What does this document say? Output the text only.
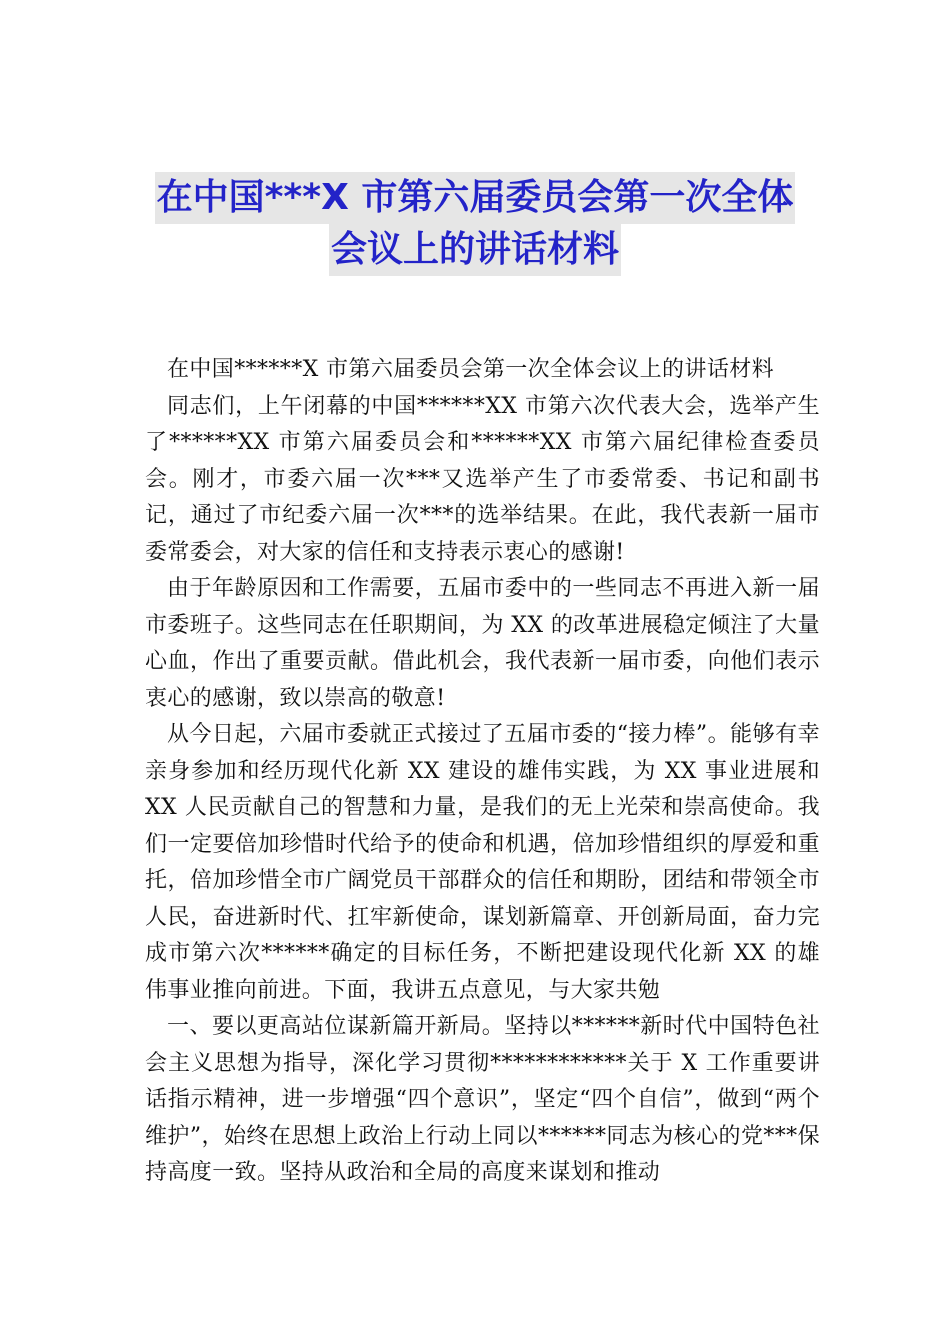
在中国***X 市第六届委员会第一次全体
会议上的讲话材料

在中国******X 市第六届委员会第一次全体会议上的讲话材料

同志们，上午闭幕的中国******XX 市第六次代表大会，选举产生了******XX 市第六届委员会和******XX 市第六届纪律检查委员会。刚才，市委六届一次***又选举产生了市委常委、书记和副书记，通过了市纪委六届一次***的选举结果。在此，我代表新一届市委常委会，对大家的信任和支持表示衷心的感谢!

由于年龄原因和工作需要，五届市委中的一些同志不再进入新一届市委班子。这些同志在任职期间，为 XX 的改革进展稳定倾注了大量心血，作出了重要贡献。借此机会，我代表新一届市委，向他们表示衷心的感谢，致以崇高的敬意!

从今日起，六届市委就正式接过了五届市委的“接力棒”。能够有幸亲身参加和经历现代化新 XX 建设的雄伟实践，为 XX 事业进展和 XX 人民贡献自己的智慧和力量，是我们的无上光荣和崇高使命。我们一定要倍加珍惜时代给予的使命和机遇，倍加珍惜组织的厚爱和重托，倍加珍惜全市广阔党员干部群众的信任和期盼，团结和带领全市人民，奋进新时代、扛牢新使命，谋划新篇章、开创新局面，奋力完成市第六次******确定的目标任务，不断把建设现代化新 XX 的雄伟事业推向前进。下面，我讲五点意见，与大家共勉

一、要以更高站位谋新篇开新局。坚持以******新时代中国特色社会主义思想为指导，深化学习贯彻************关于 X 工作重要讲话指示精神，进一步增强“四个意识”，坚定“四个自信”，做到“两个维护”，始终在思想上政治上行动上同以******同志为核心的党***保持高度一致。坚持从政治和全局的高度来谋划和推动
